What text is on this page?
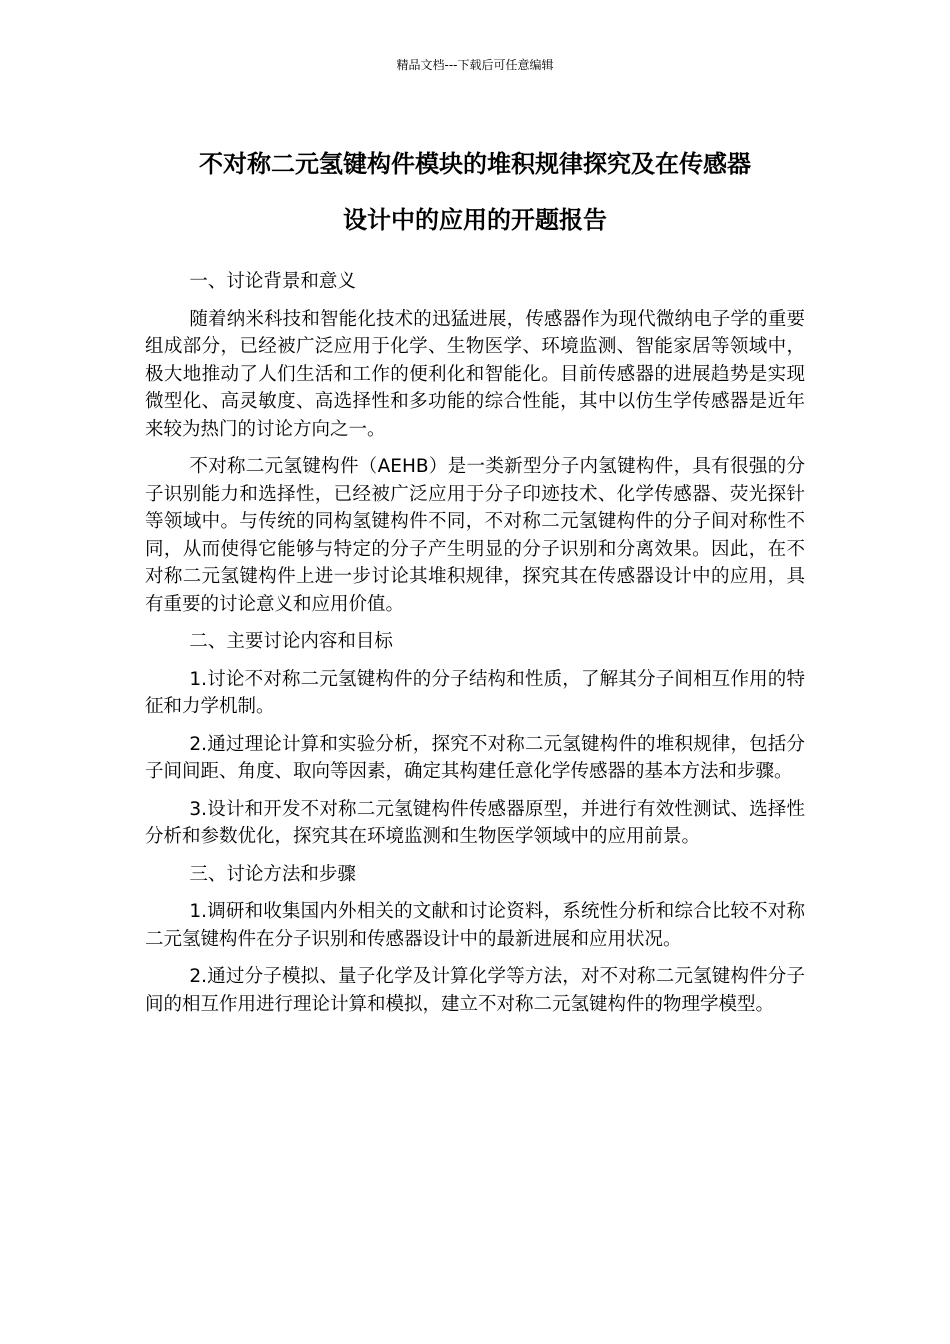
精品文档---下载后可任意编辑
不对称二元氢键构件模块的堆积规律探究及在传感器
设计中的应用的开题报告

一、讨论背景和意义

随着纳米科技和智能化技术的迅猛进展，传感器作为现代微纳电子学的重要组成部分，已经被广泛应用于化学、生物医学、环境监测、智能家居等领域中，极大地推动了人们生活和工作的便利化和智能化。目前传感器的进展趋势是实现微型化、高灵敏度、高选择性和多功能的综合性能，其中以仿生学传感器是近年来较为热门的讨论方向之一。

不对称二元氢键构件（AEHB）是一类新型分子内氢键构件，具有很强的分子识别能力和选择性，已经被广泛应用于分子印迹技术、化学传感器、荧光探针等领域中。与传统的同构氢键构件不同，不对称二元氢键构件的分子间对称性不同，从而使得它能够与特定的分子产生明显的分子识别和分离效果。因此，在不对称二元氢键构件上进一步讨论其堆积规律，探究其在传感器设计中的应用，具有重要的讨论意义和应用价值。

二、主要讨论内容和目标

1.讨论不对称二元氢键构件的分子结构和性质，了解其分子间相互作用的特征和力学机制。

2.通过理论计算和实验分析，探究不对称二元氢键构件的堆积规律，包括分子间间距、角度、取向等因素，确定其构建任意化学传感器的基本方法和步骤。

3.设计和开发不对称二元氢键构件传感器原型，并进行有效性测试、选择性分析和参数优化，探究其在环境监测和生物医学领域中的应用前景。

三、讨论方法和步骤

1.调研和收集国内外相关的文献和讨论资料，系统性分析和综合比较不对称二元氢键构件在分子识别和传感器设计中的最新进展和应用状况。

2.通过分子模拟、量子化学及计算化学等方法，对不对称二元氢键构件分子间的相互作用进行理论计算和模拟，建立不对称二元氢键构件的物理学模型。
